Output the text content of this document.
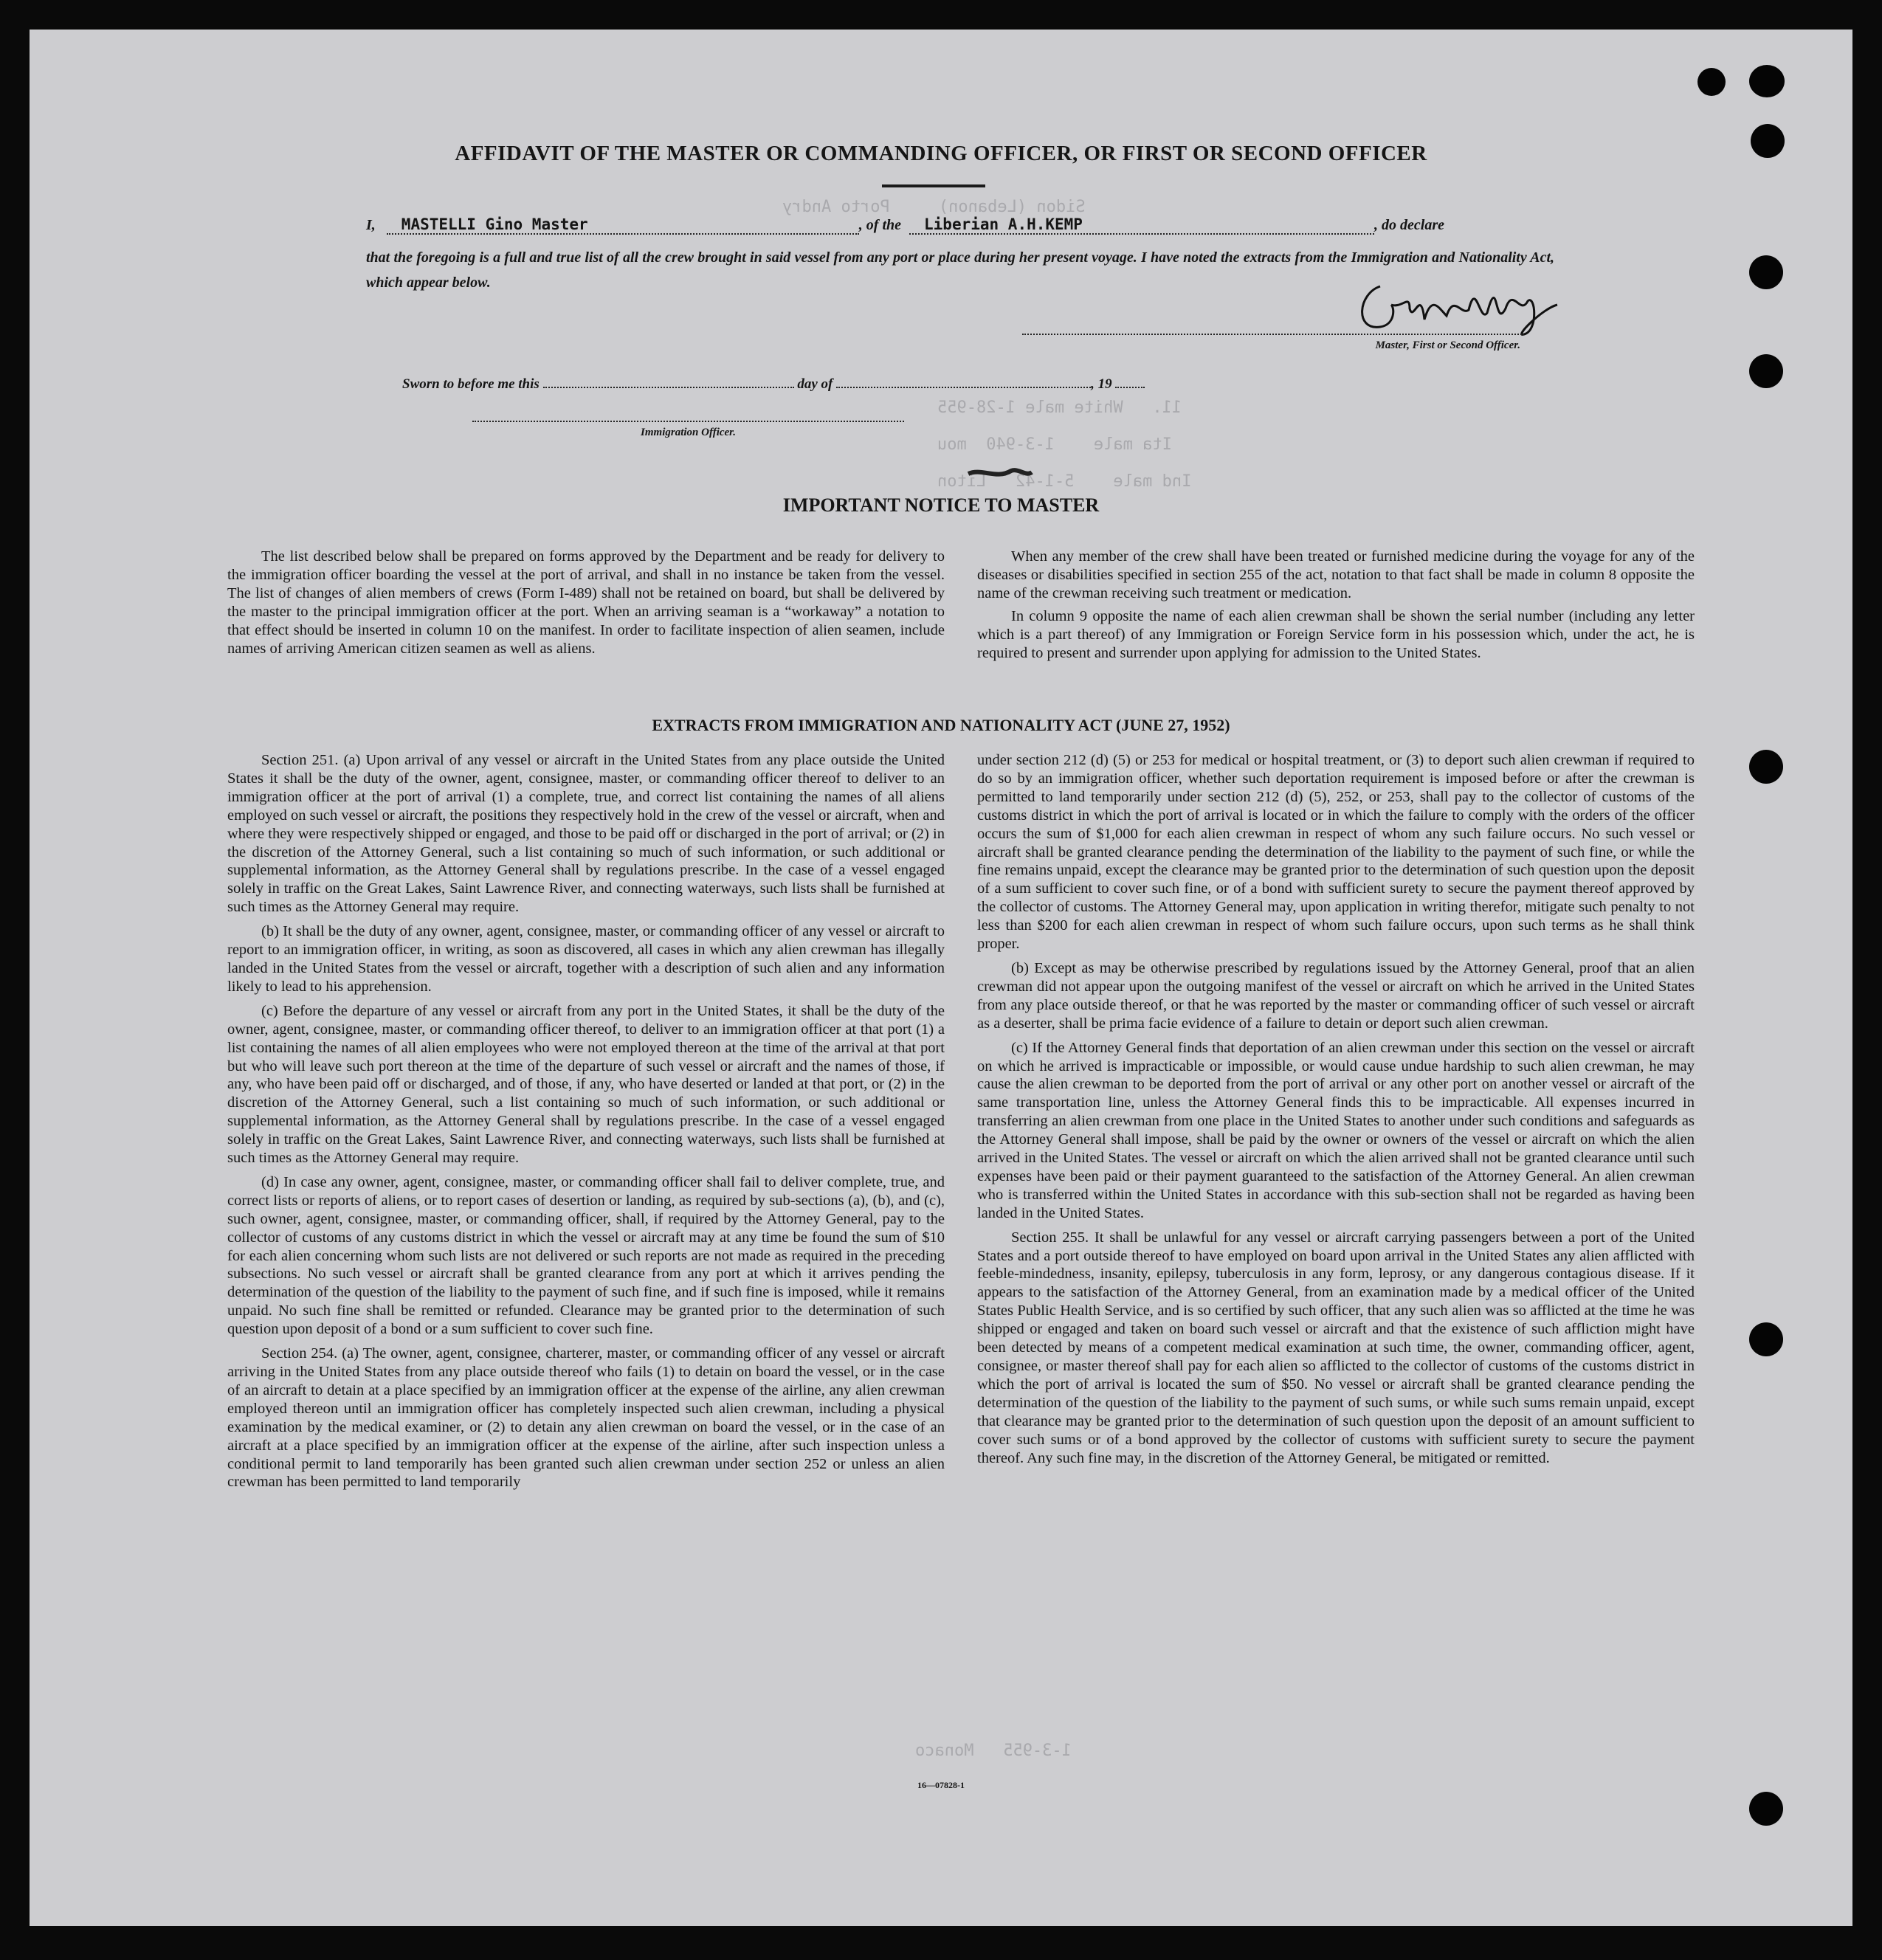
Sidon (Lebanon)     Porto Andry
11.   White male 1-28-955
Ita male    1-3-940  mou
Ind male    5-1-42   Liton
1-3-955   Monaco
AFFIDAVIT OF THE MASTER OR COMMANDING OFFICER, OR FIRST OR SECOND OFFICER
I, MASTELLI Gino Master	, of the Liberian A.H.KEMP	, do declare
that the foregoing is a full and true list of all the crew brought in said vessel from any port or place during her present voyage. I have noted the extracts from the Immigration and Nationality Act, which appear below.
Master, First or Second Officer.
Sworn to before me this	day of	, 19
Immigration Officer.
IMPORTANT NOTICE TO MASTER
The list described below shall be prepared on forms approved by the Department and be ready for delivery to the immigration officer boarding the vessel at the port of arrival, and shall in no instance be taken from the vessel. The list of changes of alien members of crews (Form I-489) shall not be retained on board, but shall be delivered by the master to the principal immigration officer at the port. When an arriving seaman is a “workaway” a notation to that effect should be inserted in column 10 on the manifest. In order to facilitate inspection of alien seamen, include names of arriving American citizen seamen as well as aliens.

When any member of the crew shall have been treated or furnished medicine during the voyage for any of the diseases or disabilities specified in section 255 of the act, notation to that fact shall be made in column 8 opposite the name of the crewman receiving such treatment or medication.

In column 9 opposite the name of each alien crewman shall be shown the serial number (including any letter which is a part thereof) of any Immigration or Foreign Service form in his possession which, under the act, he is required to present and surrender upon applying for admission to the United States.

EXTRACTS FROM IMMIGRATION AND NATIONALITY ACT (JUNE 27, 1952)

Section 251. (a) Upon arrival of any vessel or aircraft in the United States from any place outside the United States it shall be the duty of the owner, agent, consignee, master, or commanding officer thereof to deliver to an immigration officer at the port of arrival (1) a complete, true, and correct list containing the names of all aliens employed on such vessel or aircraft, the positions they respectively hold in the crew of the vessel or aircraft, when and where they were respectively shipped or engaged, and those to be paid off or discharged in the port of arrival; or (2) in the discretion of the Attorney General, such a list containing so much of such information, or such additional or supplemental information, as the Attorney General shall by regulations prescribe. In the case of a vessel engaged solely in traffic on the Great Lakes, Saint Lawrence River, and connecting waterways, such lists shall be furnished at such times as the Attorney General may require.

(b) It shall be the duty of any owner, agent, consignee, master, or commanding officer of any vessel or aircraft to report to an immigration officer, in writing, as soon as discovered, all cases in which any alien crewman has illegally landed in the United States from the vessel or aircraft, together with a description of such alien and any information likely to lead to his apprehension.

(c) Before the departure of any vessel or aircraft from any port in the United States, it shall be the duty of the owner, agent, consignee, master, or commanding officer thereof, to deliver to an immigration officer at that port (1) a list containing the names of all alien employees who were not employed thereon at the time of the arrival at that port but who will leave such port thereon at the time of the departure of such vessel or aircraft and the names of those, if any, who have been paid off or discharged, and of those, if any, who have deserted or landed at that port, or (2) in the discretion of the Attorney General, such a list containing so much of such information, or such additional or supplemental information, as the Attorney General shall by regulations prescribe. In the case of a vessel engaged solely in traffic on the Great Lakes, Saint Lawrence River, and connecting waterways, such lists shall be furnished at such times as the Attorney General may require.

(d) In case any owner, agent, consignee, master, or commanding officer shall fail to deliver complete, true, and correct lists or reports of aliens, or to report cases of desertion or landing, as required by sub-sections (a), (b), and (c), such owner, agent, consignee, master, or commanding officer, shall, if required by the Attorney General, pay to the collector of customs of any customs district in which the vessel or aircraft may at any time be found the sum of $10 for each alien concerning whom such lists are not delivered or such reports are not made as required in the preceding subsections. No such vessel or aircraft shall be granted clearance from any port at which it arrives pending the determination of the question of the liability to the payment of such fine, and if such fine is imposed, while it remains unpaid. No such fine shall be remitted or refunded. Clearance may be granted prior to the determination of such question upon deposit of a bond or a sum sufficient to cover such fine.

Section 254. (a) The owner, agent, consignee, charterer, master, or commanding officer of any vessel or aircraft arriving in the United States from any place outside thereof who fails (1) to detain on board the vessel, or in the case of an aircraft to detain at a place specified by an immigration officer at the expense of the airline, any alien crewman employed thereon until an immigration officer has completely inspected such alien crewman, including a physical examination by the medical examiner, or (2) to detain any alien crewman on board the vessel, or in the case of an aircraft at a place specified by an immigration officer at the expense of the airline, after such inspection unless a conditional permit to land temporarily has been granted such alien crewman under section 252 or unless an alien crewman has been permitted to land temporarily

under section 212 (d) (5) or 253 for medical or hospital treatment, or (3) to deport such alien crewman if required to do so by an immigration officer, whether such deportation requirement is imposed before or after the crewman is permitted to land temporarily under section 212 (d) (5), 252, or 253, shall pay to the collector of customs of the customs district in which the port of arrival is located or in which the failure to comply with the orders of the officer occurs the sum of $1,000 for each alien crewman in respect of whom any such failure occurs. No such vessel or aircraft shall be granted clearance pending the determination of the liability to the payment of such fine, or while the fine remains unpaid, except the clearance may be granted prior to the determination of such question upon the deposit of a sum sufficient to cover such fine, or of a bond with sufficient surety to secure the payment thereof approved by the collector of customs. The Attorney General may, upon application in writing therefor, mitigate such penalty to not less than $200 for each alien crewman in respect of whom such failure occurs, upon such terms as he shall think proper.

(b) Except as may be otherwise prescribed by regulations issued by the Attorney General, proof that an alien crewman did not appear upon the outgoing manifest of the vessel or aircraft on which he arrived in the United States from any place outside thereof, or that he was reported by the master or commanding officer of such vessel or aircraft as a deserter, shall be prima facie evidence of a failure to detain or deport such alien crewman.

(c) If the Attorney General finds that deportation of an alien crewman under this section on the vessel or aircraft on which he arrived is impracticable or impossible, or would cause undue hardship to such alien crewman, he may cause the alien crewman to be deported from the port of arrival or any other port on another vessel or aircraft of the same transportation line, unless the Attorney General finds this to be impracticable. All expenses incurred in transferring an alien crewman from one place in the United States to another under such conditions and safeguards as the Attorney General shall impose, shall be paid by the owner or owners of the vessel or aircraft on which the alien arrived in the United States. The vessel or aircraft on which the alien arrived shall not be granted clearance until such expenses have been paid or their payment guaranteed to the satisfaction of the Attorney General. An alien crewman who is transferred within the United States in accordance with this sub-section shall not be regarded as having been landed in the United States.

Section 255. It shall be unlawful for any vessel or aircraft carrying passengers between a port of the United States and a port outside thereof to have employed on board upon arrival in the United States any alien afflicted with feeble-mindedness, insanity, epilepsy, tuberculosis in any form, leprosy, or any dangerous contagious disease. If it appears to the satisfaction of the Attorney General, from an examination made by a medical officer of the United States Public Health Service, and is so certified by such officer, that any such alien was so afflicted at the time he was shipped or engaged and taken on board such vessel or aircraft and that the existence of such affliction might have been detected by means of a competent medical examination at such time, the owner, commanding officer, agent, consignee, or master thereof shall pay for each alien so afflicted to the collector of customs of the customs district in which the port of arrival is located the sum of $50. No vessel or aircraft shall be granted clearance pending the determination of the question of the liability to the payment of such sums, or while such sums remain unpaid, except that clearance may be granted prior to the determination of such question upon the deposit of an amount sufficient to cover such sums or of a bond approved by the collector of customs with sufficient surety to secure the payment thereof. Any such fine may, in the discretion of the Attorney General, be mitigated or remitted.

16—07828-1
